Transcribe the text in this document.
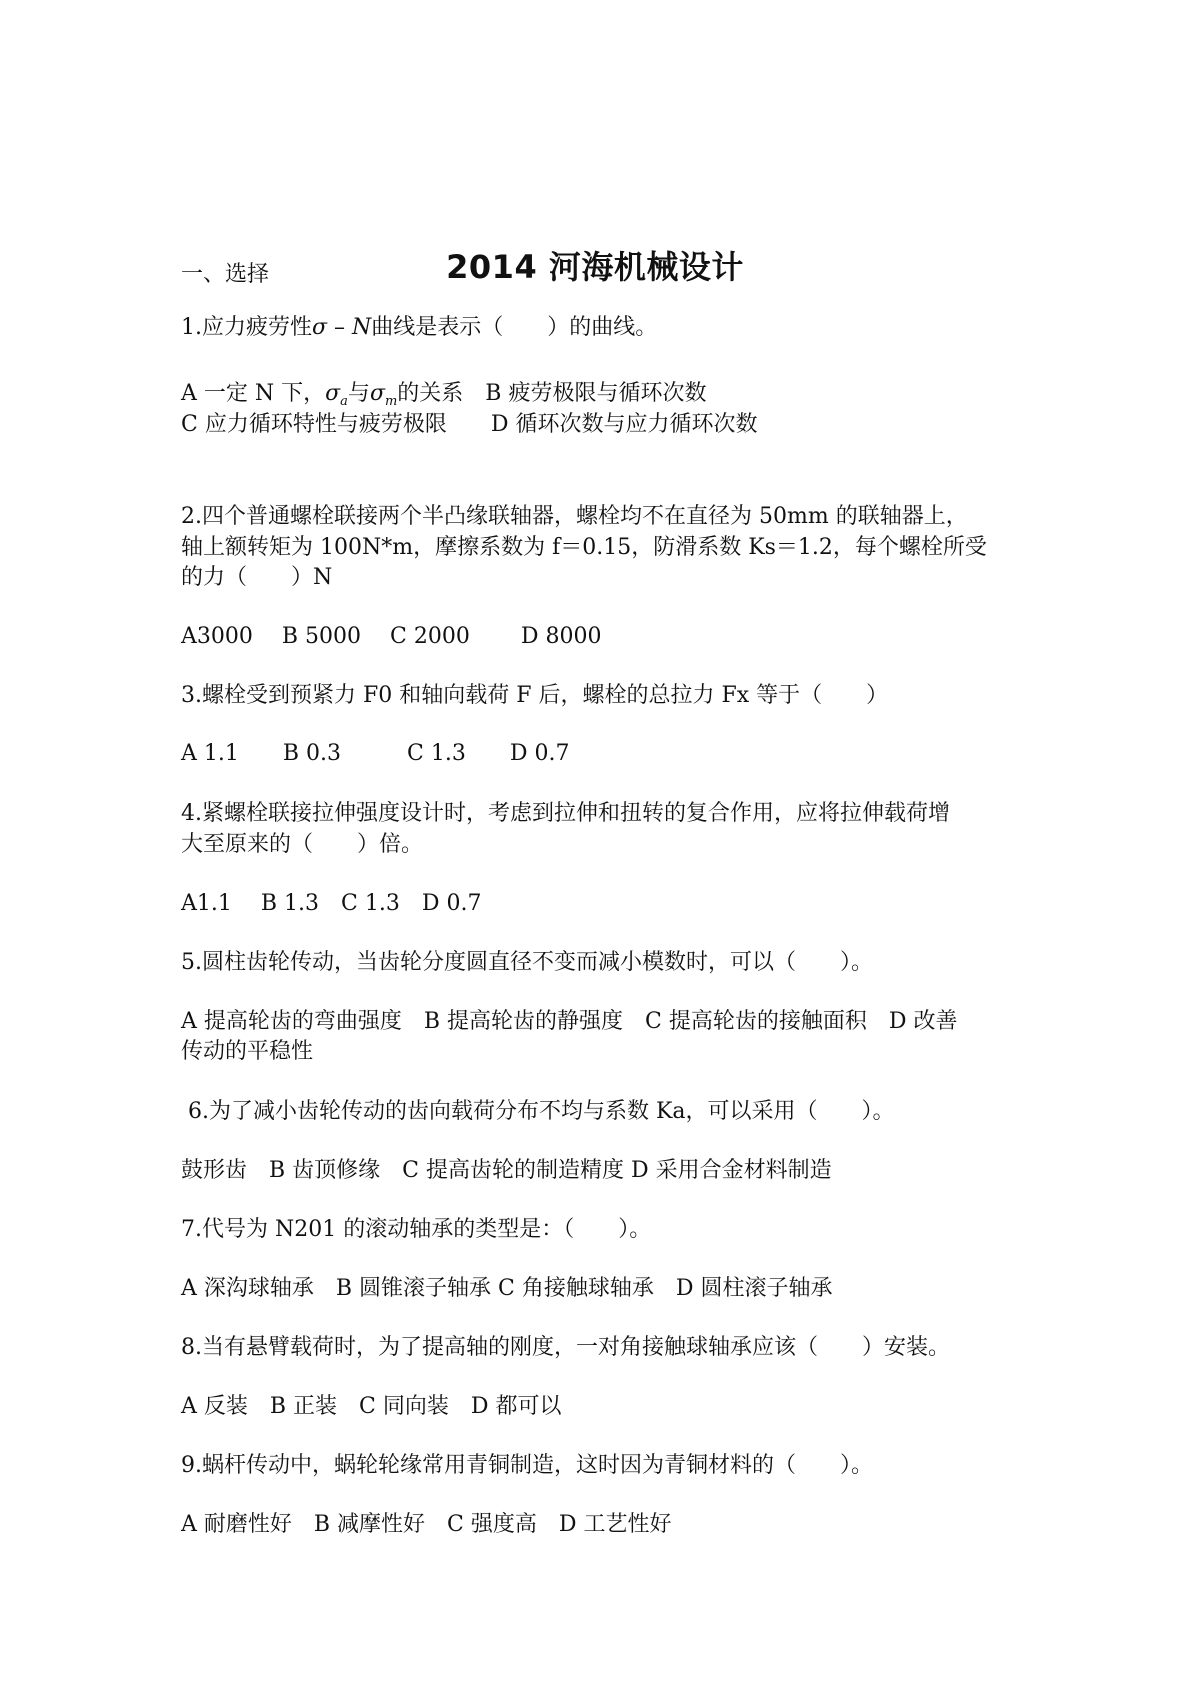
2014 河海机械设计
一、选择
1.应力疲劳性σ – N曲线是表示（　　）的曲线。
A 一定 N 下，$\sigma_a$与$\sigma_m$的关系　B 疲劳极限与循环次数
C 应力循环特性与疲劳极限　　D 循环次数与应力循环次数
2.四个普通螺栓联接两个半凸缘联轴器，螺栓均不在直径为 50mm 的联轴器上，
轴上额转矩为 100N*m，摩擦系数为 f＝0.15，防滑系数 Ks＝1.2，每个螺栓所受
的力（　　）N
A3000　 B 5000　 C 2000　　 D 8000
3.螺栓受到预紧力 F0 和轴向载荷 F 后，螺栓的总拉力 Fx 等于（　　）
A 1.1　　B 0.3　　　C 1.3　　D 0.7
4.紧螺栓联接拉伸强度设计时，考虑到拉伸和扭转的复合作用，应将拉伸载荷增
大至原来的（　　）倍。
A1.1　 B 1.3　C 1.3　D 0.7
5.圆柱齿轮传动，当齿轮分度圆直径不变而减小模数时，可以（　　）。
A 提高轮齿的弯曲强度　B 提高轮齿的静强度　C 提高轮齿的接触面积　D 改善
传动的平稳性
6.为了减小齿轮传动的齿向载荷分布不均与系数 Ka，可以采用（　　）。
鼓形齿　B 齿顶修缘　C 提高齿轮的制造精度 D 采用合金材料制造
7.代号为 N201 的滚动轴承的类型是：（　　）。
A 深沟球轴承　B 圆锥滚子轴承 C 角接触球轴承　D 圆柱滚子轴承
8.当有悬臂载荷时，为了提高轴的刚度，一对角接触球轴承应该（　　）安装。
A 反装　B 正装　C 同向装　D 都可以
9.蜗杆传动中，蜗轮轮缘常用青铜制造，这时因为青铜材料的（　　）。
A 耐磨性好　B 减摩性好　C 强度高　D 工艺性好
